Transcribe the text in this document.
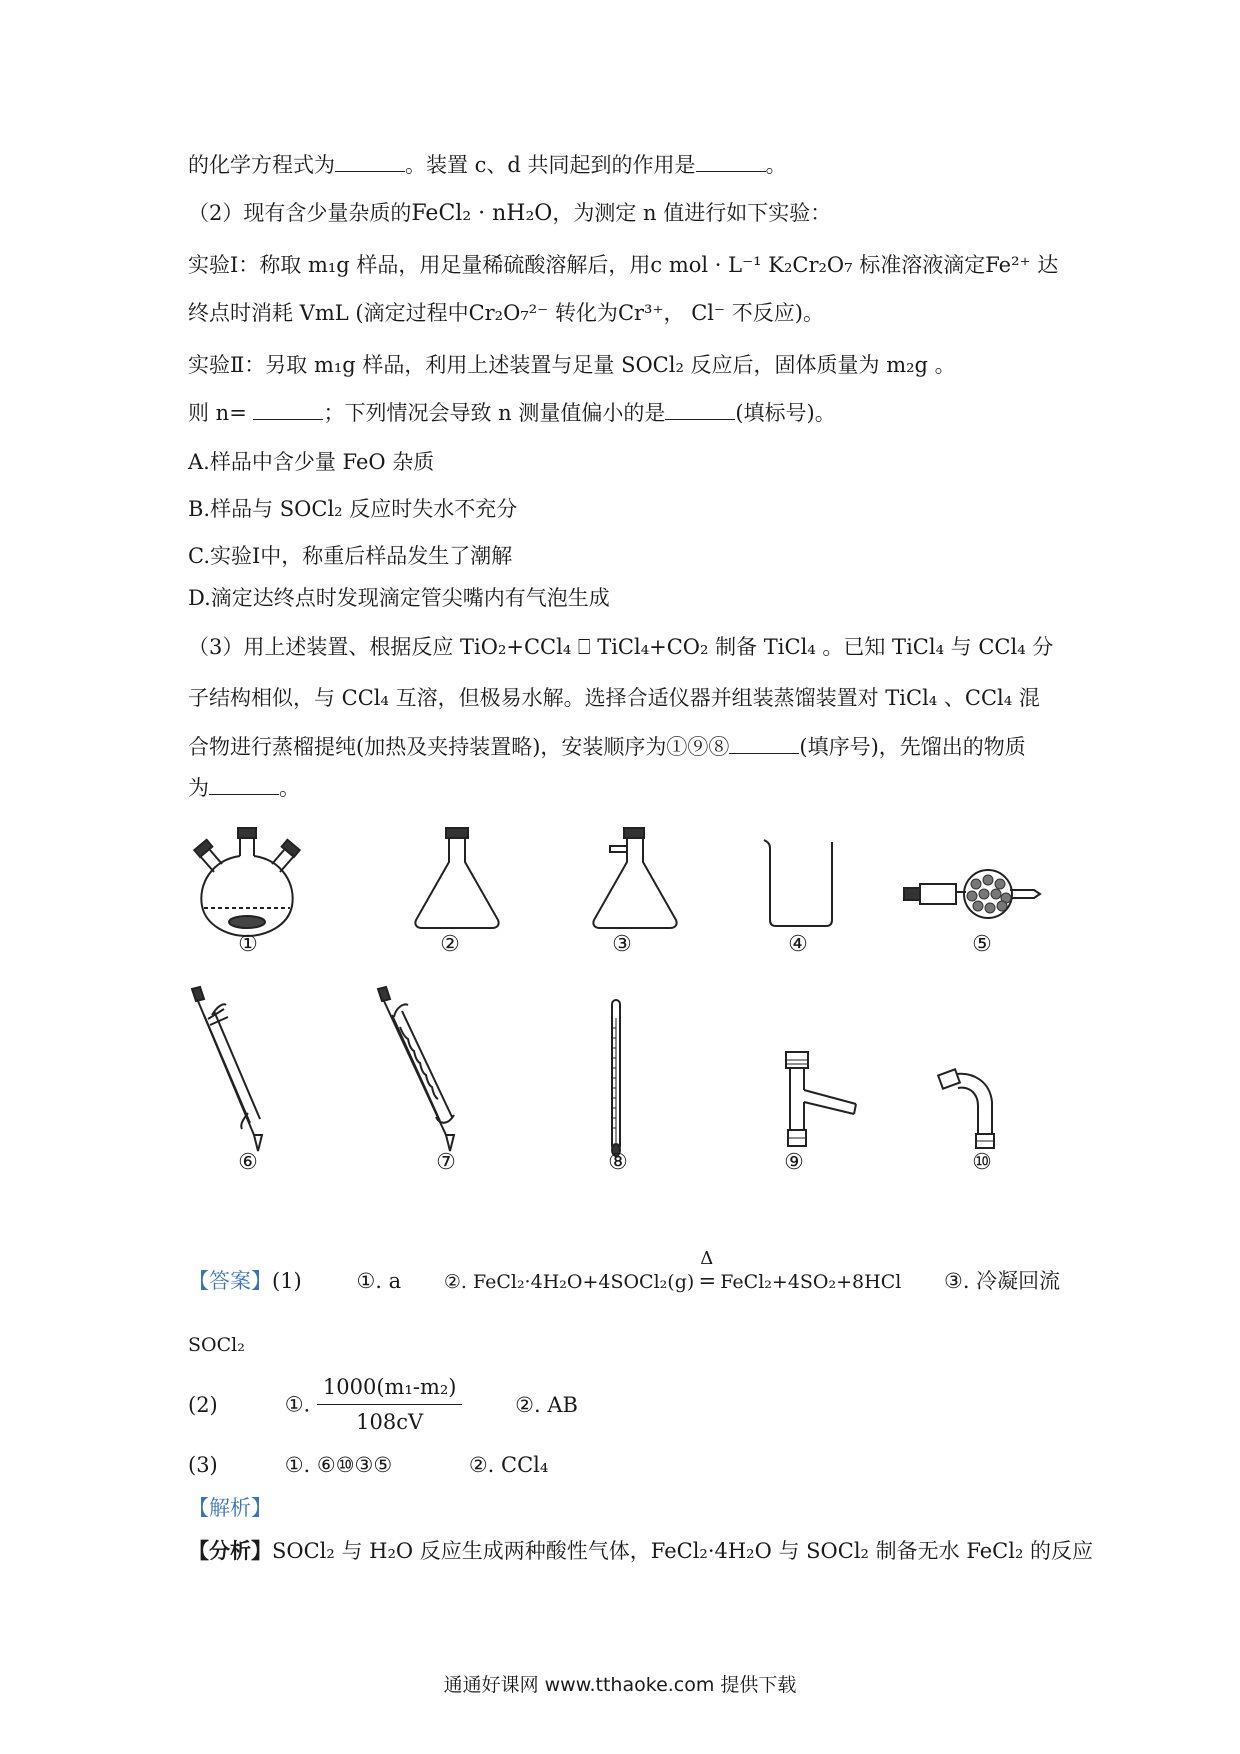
的化学方程式为	。装置 c、d 共同起到的作用是	。
（2）现有含少量杂质的FeCl₂ · nH₂O，为测定 n 值进行如下实验：
实验Ⅰ：称取 m₁g 样品，用足量稀硫酸溶解后，用c mol · L⁻¹ K₂Cr₂O₇ 标准溶液滴定Fe²⁺ 达
终点时消耗 VmL (滴定过程中Cr₂O₇²⁻ 转化为Cr³⁺， Cl⁻ 不反应)。
实验Ⅱ：另取 m₁g 样品，利用上述装置与足量 SOCl₂ 反应后，固体质量为 m₂g 。
则 n=	；下列情况会导致 n 测量值偏小的是	(填标号)。
A.样品中含少量 FeO 杂质
B.样品与 SOCl₂ 反应时失水不充分
C.实验Ⅰ中，称重后样品发生了潮解
D.滴定达终点时发现滴定管尖嘴内有气泡生成
（3）用上述装置、根据反应 TiO₂+CCl₄ ⎕ TiCl₄+CO₂ 制备 TiCl₄ 。已知 TiCl₄ 与 CCl₄ 分
子结构相似，与 CCl₄ 互溶，但极易水解。选择合适仪器并组装蒸馏装置对 TiCl₄ 、CCl₄ 混
合物进行蒸榴提纯(加热及夹持装置略)，安装顺序为①⑨⑧	(填序号)，先馏出的物质
为	。
①	②	③	④	⑤
⑥	⑦	⑧	⑨	⑩
【答案】(1)	①. a ②. FeCl₂·4H₂O+4SOCl₂(g)
Δ
= FeCl₂+4SO₂+8HCl ③. 冷凝回流
SOCl₂
(2)	①. $\frac{\text{1000(m₁-m₂)}}{108cV}$	②. AB
(3)	①. ⑥⑩③⑤	②. CCl₄
【解析】
【分析】SOCl₂ 与 H₂O 反应生成两种酸性气体，FeCl₂·4H₂O 与 SOCl₂ 制备无水 FeCl₂ 的反应
通通好课网 www.tthaoke.com 提供下载
